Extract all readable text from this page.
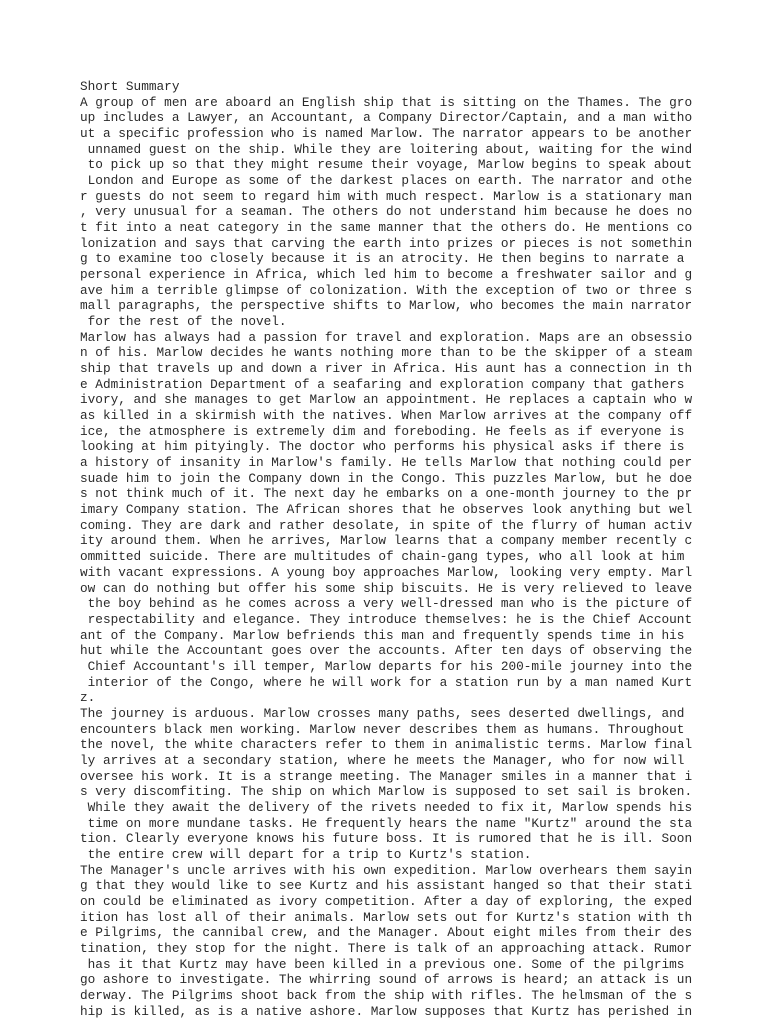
Short Summary
A group of men are aboard an English ship that is sitting on the Thames. The gro
up includes a Lawyer, an Accountant, a Company Director/Captain, and a man witho
ut a specific profession who is named Marlow. The narrator appears to be another
unnamed guest on the ship. While they are loitering about, waiting for the wind
to pick up so that they might resume their voyage, Marlow begins to speak about
London and Europe as some of the darkest places on earth. The narrator and othe
r guests do not seem to regard him with much respect. Marlow is a stationary man
, very unusual for a seaman. The others do not understand him because he does no
t fit into a neat category in the same manner that the others do. He mentions co
lonization and says that carving the earth into prizes or pieces is not somethin
g to examine too closely because it is an atrocity. He then begins to narrate a
personal experience in Africa, which led him to become a freshwater sailor and g
ave him a terrible glimpse of colonization. With the exception of two or three s
mall paragraphs, the perspective shifts to Marlow, who becomes the main narrator
for the rest of the novel.
Marlow has always had a passion for travel and exploration. Maps are an obsessio
n of his. Marlow decides he wants nothing more than to be the skipper of a steam
ship that travels up and down a river in Africa. His aunt has a connection in th
e Administration Department of a seafaring and exploration company that gathers
ivory, and she manages to get Marlow an appointment. He replaces a captain who w
as killed in a skirmish with the natives. When Marlow arrives at the company off
ice, the atmosphere is extremely dim and foreboding. He feels as if everyone is
looking at him pityingly. The doctor who performs his physical asks if there is
a history of insanity in Marlow's family. He tells Marlow that nothing could per
suade him to join the Company down in the Congo. This puzzles Marlow, but he doe
s not think much of it. The next day he embarks on a one-month journey to the pr
imary Company station. The African shores that he observes look anything but wel
coming. They are dark and rather desolate, in spite of the flurry of human activ
ity around them. When he arrives, Marlow learns that a company member recently c
ommitted suicide. There are multitudes of chain-gang types, who all look at him
with vacant expressions. A young boy approaches Marlow, looking very empty. Marl
ow can do nothing but offer his some ship biscuits. He is very relieved to leave
the boy behind as he comes across a very well-dressed man who is the picture of
respectability and elegance. They introduce themselves: he is the Chief Account
ant of the Company. Marlow befriends this man and frequently spends time in his
hut while the Accountant goes over the accounts. After ten days of observing the
Chief Accountant's ill temper, Marlow departs for his 200-mile journey into the
interior of the Congo, where he will work for a station run by a man named Kurt
z.
The journey is arduous. Marlow crosses many paths, sees deserted dwellings, and
encounters black men working. Marlow never describes them as humans. Throughout
the novel, the white characters refer to them in animalistic terms. Marlow final
ly arrives at a secondary station, where he meets the Manager, who for now will
oversee his work. It is a strange meeting. The Manager smiles in a manner that i
s very discomfiting. The ship on which Marlow is supposed to set sail is broken.
While they await the delivery of the rivets needed to fix it, Marlow spends his
time on more mundane tasks. He frequently hears the name "Kurtz" around the sta
tion. Clearly everyone knows his future boss. It is rumored that he is ill. Soon
the entire crew will depart for a trip to Kurtz's station.
The Manager's uncle arrives with his own expedition. Marlow overhears them sayin
g that they would like to see Kurtz and his assistant hanged so that their stati
on could be eliminated as ivory competition. After a day of exploring, the exped
ition has lost all of their animals. Marlow sets out for Kurtz's station with th
e Pilgrims, the cannibal crew, and the Manager. About eight miles from their des
tination, they stop for the night. There is talk of an approaching attack. Rumor
has it that Kurtz may have been killed in a previous one. Some of the pilgrims
go ashore to investigate. The whirring sound of arrows is heard; an attack is un
derway. The Pilgrims shoot back from the ship with rifles. The helmsman of the s
hip is killed, as is a native ashore. Marlow supposes that Kurtz has perished in
